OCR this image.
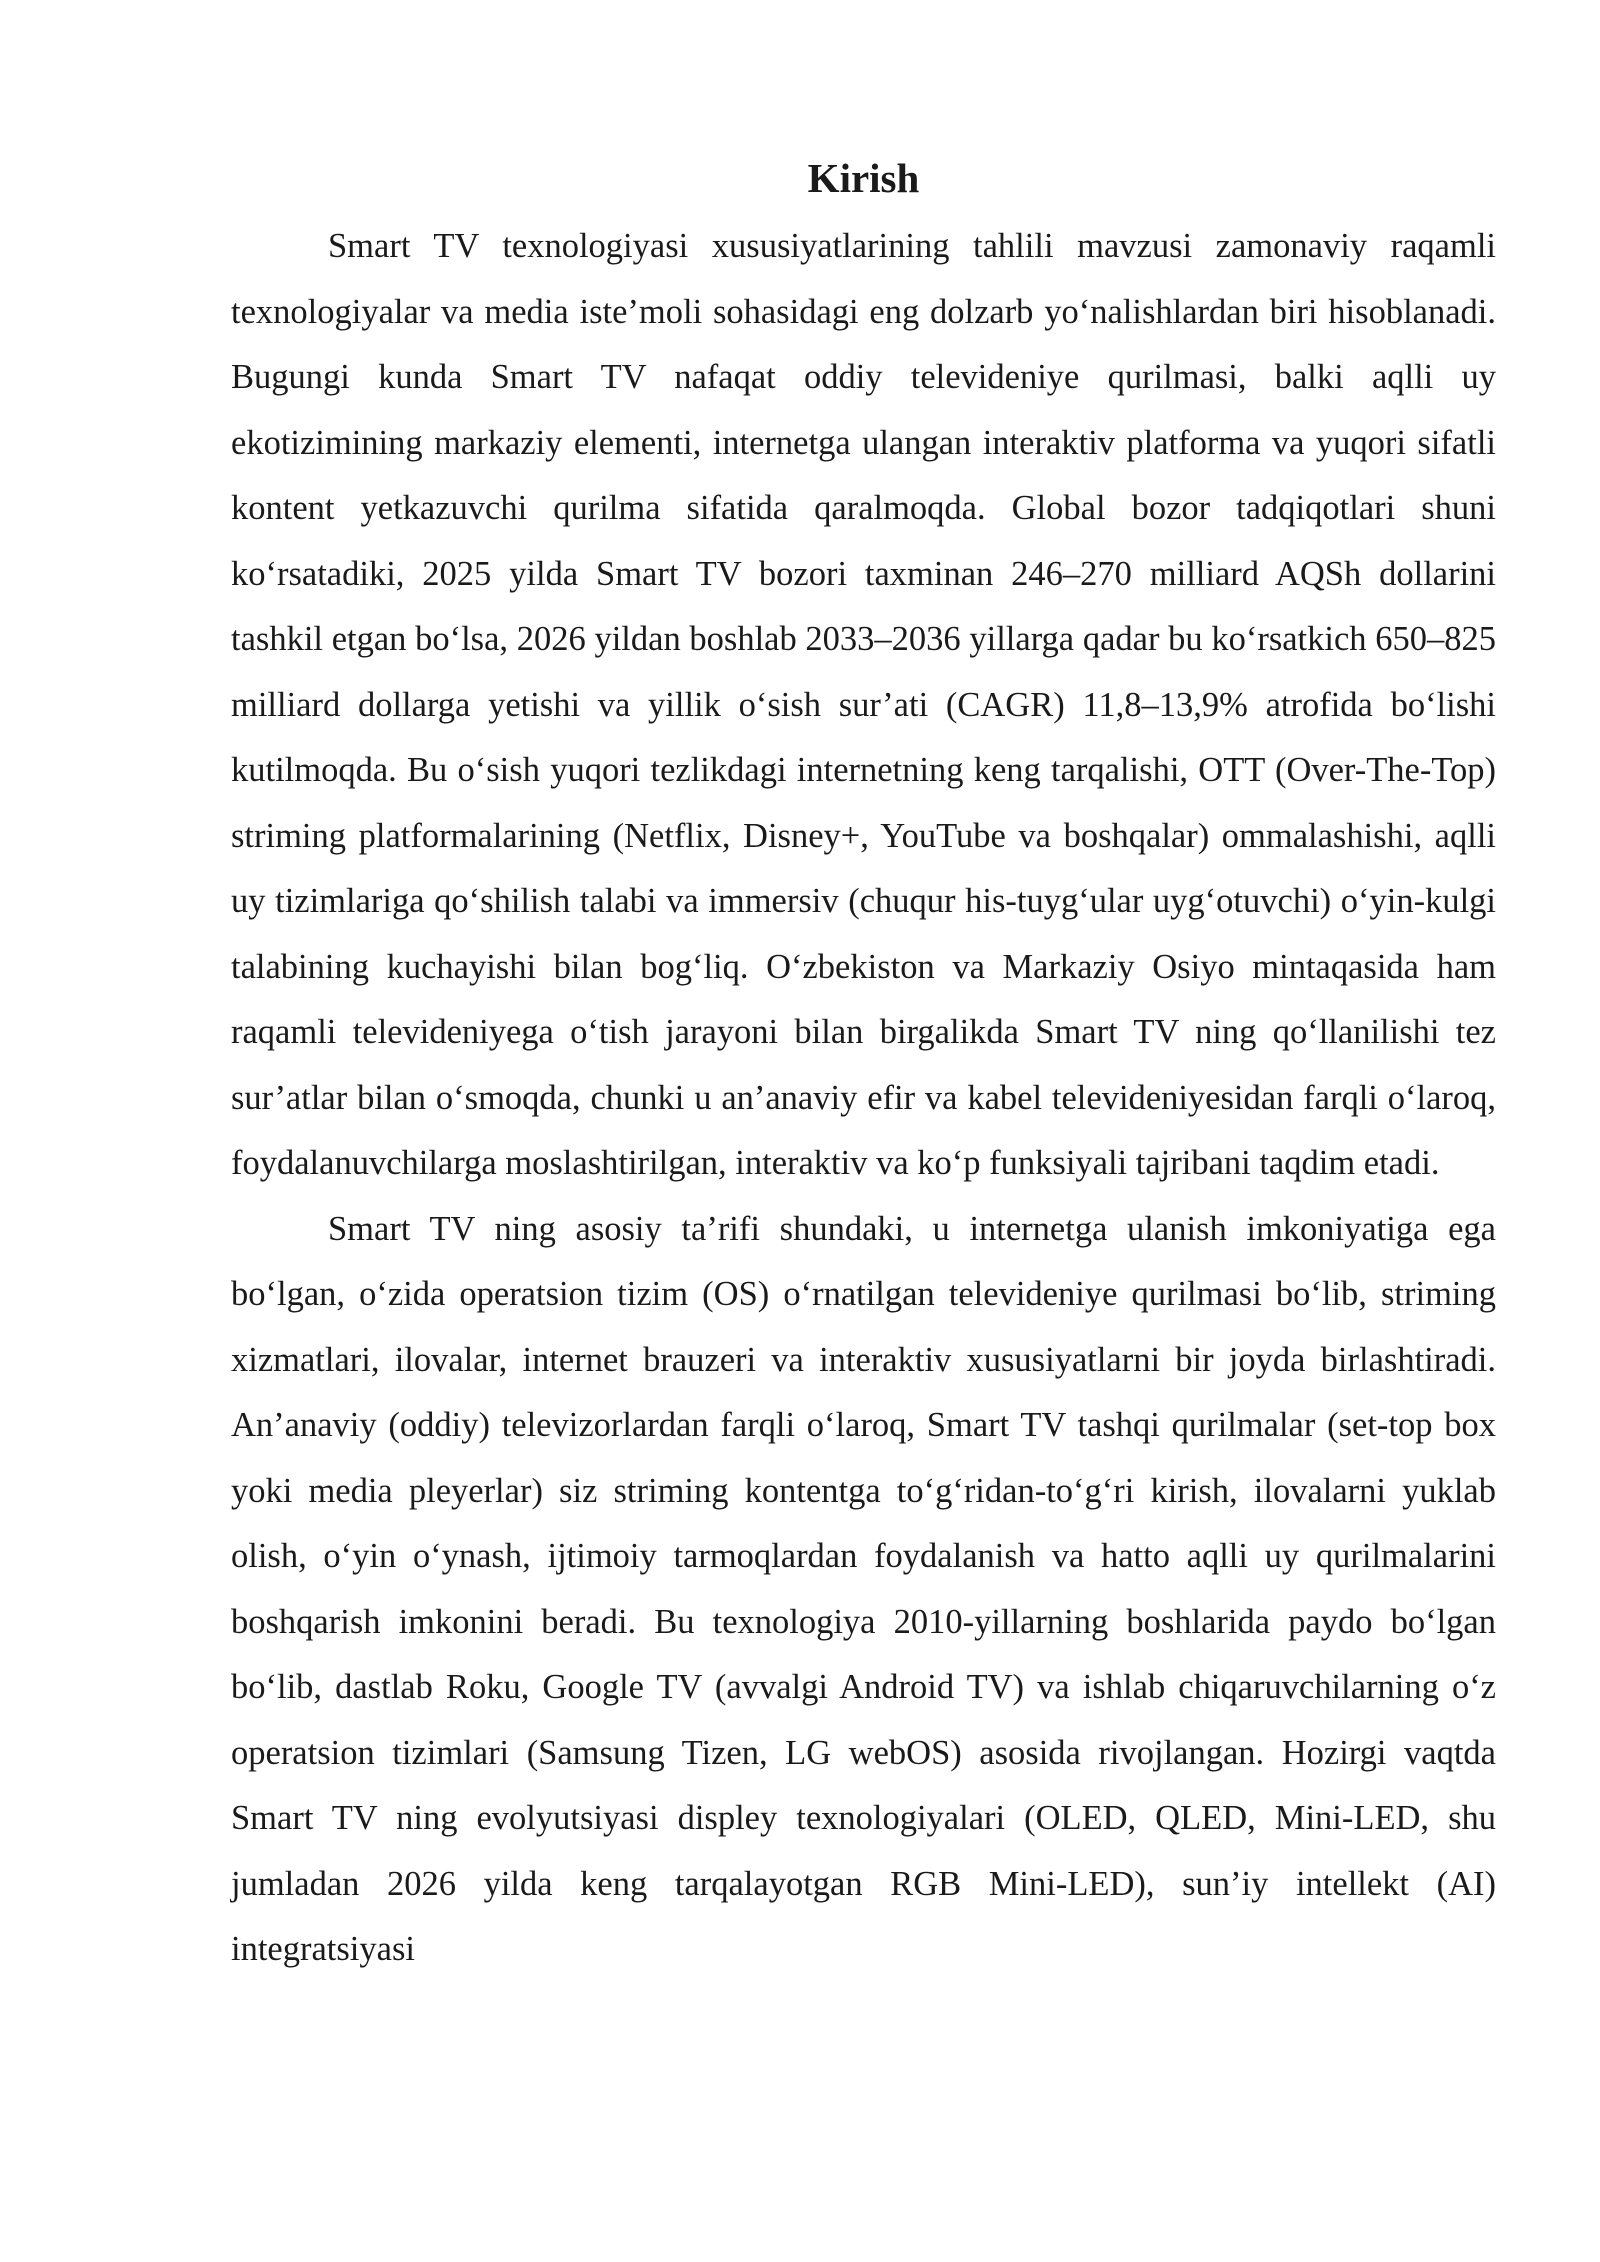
Kirish

Smart TV texnologiyasi xususiyatlarining tahlili mavzusi zamonaviy raqamli texnologiyalar va media iste’moli sohasidagi eng dolzarb yo‘nalishlardan biri hisoblanadi. Bugungi kunda Smart TV nafaqat oddiy televideniye qurilmasi, balki aqlli uy ekotizimining markaziy elementi, internetga ulangan interaktiv platforma va yuqori sifatli kontent yetkazuvchi qurilma sifatida qaralmoqda. Global bozor tadqiqotlari shuni ko‘rsatadiki, 2025 yilda Smart TV bozori taxminan 246–270 milliard AQSh dollarini tashkil etgan bo‘lsa, 2026 yildan boshlab 2033–2036 yillarga qadar bu ko‘rsatkich 650–825 milliard dollarga yetishi va yillik o‘sish sur’ati (CAGR) 11,8–13,9% atrofida bo‘lishi kutilmoqda. Bu o‘sish yuqori tezlikdagi internetning keng tarqalishi, OTT (Over-The-Top) striming platformalarining (Netflix, Disney+, YouTube va boshqalar) ommalashishi, aqlli uy tizimlariga qo‘shilish talabi va immersiv (chuqur his-tuyg‘ular uyg‘otuvchi) o‘yin-kulgi talabining kuchayishi bilan bog‘liq. O‘zbekiston va Markaziy Osiyo mintaqasida ham raqamli televideniyega o‘tish jarayoni bilan birgalikda Smart TV ning qo‘llanilishi tez sur’atlar bilan o‘smoqda, chunki u an’anaviy efir va kabel televideniyesidan farqli o‘laroq, foydalanuvchilarga moslashtirilgan, interaktiv va ko‘p funksiyali tajribani taqdim etadi.

Smart TV ning asosiy ta’rifi shundaki, u internetga ulanish imkoniyatiga ega bo‘lgan, o‘zida operatsion tizim (OS) o‘rnatilgan televideniye qurilmasi bo‘lib, striming xizmatlari, ilovalar, internet brauzeri va interaktiv xususiyatlarni bir joyda birlashtiradi. An’anaviy (oddiy) televizorlardan farqli o‘laroq, Smart TV tashqi qurilmalar (set-top box yoki media pleyerlar) siz striming kontentga to‘g‘ridan-to‘g‘ri kirish, ilovalarni yuklab olish, o‘yin o‘ynash, ijtimoiy tarmoqlardan foydalanish va hatto aqlli uy qurilmalarini boshqarish imkonini beradi. Bu texnologiya 2010-yillarning boshlarida paydo bo‘lgan bo‘lib, dastlab Roku, Google TV (avvalgi Android TV) va ishlab chiqaruvchilarning o‘z operatsion tizimlari (Samsung Tizen, LG webOS) asosida rivojlangan. Hozirgi vaqtda Smart TV ning evolyutsiyasi displey texnologiyalari (OLED, QLED, Mini-LED, shu jumladan 2026 yilda keng tarqalayotgan RGB Mini-LED), sun’iy intellekt (AI) integratsiyasi
